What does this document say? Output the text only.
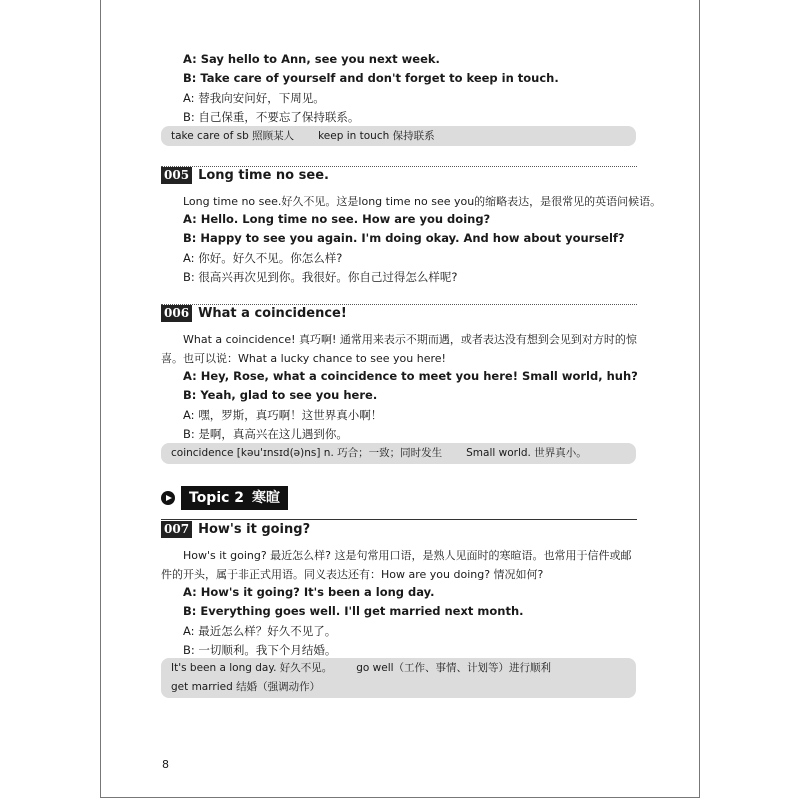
A: Say hello to Ann, see you next week.
B: Take care of yourself and don't forget to keep in touch.
A: 替我向安问好，下周见。
B: 自己保重，不要忘了保持联系。
take care of sb 照顾某人 keep in touch 保持联系
005 Long time no see.
Long time no see.好久不见。这是long time no see you的缩略表达，是很常见的英语问候语。
A: Hello. Long time no see. How are you doing?
B: Happy to see you again. I'm doing okay. And how about yourself?
A: 你好。好久不见。你怎么样?
B: 很高兴再次见到你。我很好。你自己过得怎么样呢?
006 What a coincidence!
What a coincidence! 真巧啊! 通常用来表示不期而遇，或者表达没有想到会见到对方时的惊
喜。也可以说：What a lucky chance to see you here!
A: Hey, Rose, what a coincidence to meet you here! Small world, huh?
B: Yeah, glad to see you here.
A: 嘿，罗斯，真巧啊！这世界真小啊！
B: 是啊，真高兴在这儿遇到你。
coincidence [kəu'ɪnsɪd(ə)ns] n. 巧合；一致；同时发生 Small world. 世界真小。
Topic 2 寒暄
007 How's it going?
How's it going? 最近怎么样? 这是句常用口语，是熟人见面时的寒暄语。也常用于信件或邮
件的开头，属于非正式用语。同义表达还有：How are you doing? 情况如何?
A: How's it going? It's been a long day.
B: Everything goes well. I'll get married next month.
A: 最近怎么样？好久不见了。
B: 一切顺利。我下个月结婚。
It's been a long day. 好久不见。 go well（工作、事情、计划等）进行顺利
get married 结婚（强调动作）
8
